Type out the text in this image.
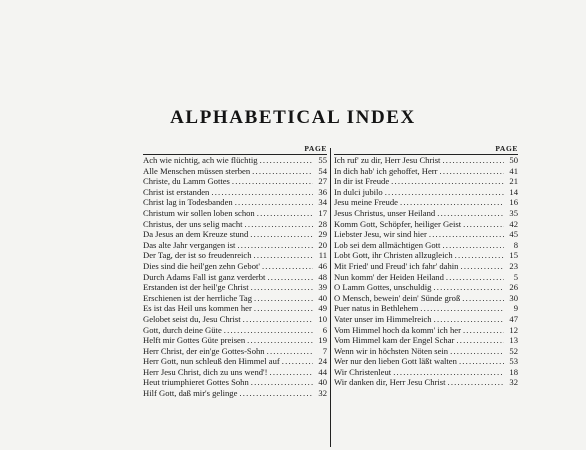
ALPHABETICAL INDEX
PAGE
Ach wie nichtig, ach wie flüchtig .....	55
Alle Menschen müssen sterben .....	54
Christe, du Lamm Gottes .....	27
Christ ist erstanden .....	36
Christ lag in Todesbanden .....	34
Christum wir sollen loben schon .....	17
Christus, der uns selig macht .....	28
Da Jesus an dem Kreuze stund .....	29
Das alte Jahr vergangen ist .....	20
Der Tag, der ist so freudenreich .....	11
Dies sind die heil'gen zehn Gebot' .....	46
Durch Adams Fall ist ganz verderbt .....	48
Erstanden ist der heil'ge Christ .....	39
Erschienen ist der herrliche Tag .....	40
Es ist das Heil uns kommen her .....	49
Gelobet seist du, Jesu Christ .....	10
Gott, durch deine Güte .....	6
Helft mir Gottes Güte preisen .....	19
Herr Christ, der ein'ge Gottes-Sohn .....	7
Herr Gott, nun schleuß den Himmel auf .....	24
Herr Jesu Christ, dich zu uns wend'! .....	44
Heut triumphieret Gottes Sohn .....	40
Hilf Gott, daß mir's gelinge .....	32
PAGE
Ich ruf' zu dir, Herr Jesu Christ .....	50
In dich hab' ich gehoffet, Herr .....	41
In dir ist Freude .....	21
In dulci jubilo .....	14
Jesu meine Freude .....	16
Jesus Christus, unser Heiland .....	35
Komm Gott, Schöpfer, heiliger Geist .....	42
Liebster Jesu, wir sind hier .....	45
Lob sei dem allmächtigen Gott .....	8
Lobt Gott, ihr Christen allzugleich .....	15
Mit Fried' und Freud' ich fahr' dahin .....	23
Nun komm' der Heiden Heiland .....	5
O Lamm Gottes, unschuldig .....	26
O Mensch, bewein' dein' Sünde groß .....	30
Puer natus in Bethlehem .....	9
Vater unser im Himmelreich .....	47
Vom Himmel hoch da komm' ich her .....	12
Vom Himmel kam der Engel Schar .....	13
Wenn wir in höchsten Nöten sein .....	52
Wer nur den lieben Gott läßt walten .....	53
Wir Christenleut .....	18
Wir danken dir, Herr Jesu Christ .....	32
